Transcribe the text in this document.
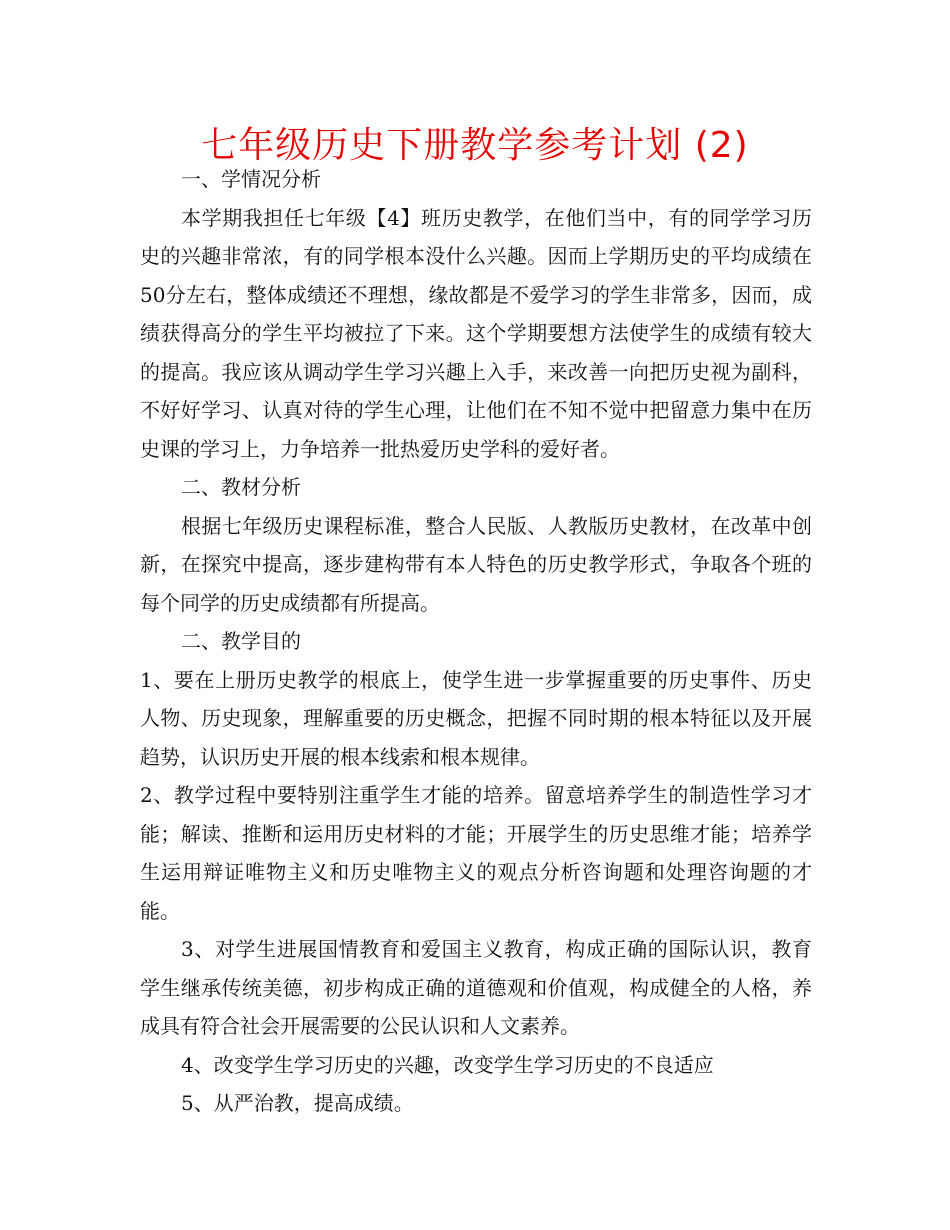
七年级历史下册教学参考计划 (2)

一、学情况分析

本学期我担任七年级【4】班历史教学，在他们当中，有的同学学习历史的兴趣非常浓，有的同学根本没什么兴趣。因而上学期历史的平均成绩在50分左右，整体成绩还不理想，缘故都是不爱学习的学生非常多，因而，成绩获得高分的学生平均被拉了下来。这个学期要想方法使学生的成绩有较大的提高。我应该从调动学生学习兴趣上入手，来改善一向把历史视为副科，不好好学习、认真对待的学生心理，让他们在不知不觉中把留意力集中在历史课的学习上，力争培养一批热爱历史学科的爱好者。

二、教材分析

根据七年级历史课程标准，整合人民版、人教版历史教材，在改革中创新，在探究中提高，逐步建构带有本人特色的历史教学形式，争取各个班的每个同学的历史成绩都有所提高。

二、教学目的

1、要在上册历史教学的根底上，使学生进一步掌握重要的历史事件、历史人物、历史现象，理解重要的历史概念，把握不同时期的根本特征以及开展趋势，认识历史开展的根本线索和根本规律。

2、教学过程中要特别注重学生才能的培养。留意培养学生的制造性学习才能；解读、推断和运用历史材料的才能；开展学生的历史思维才能；培养学生运用辩证唯物主义和历史唯物主义的观点分析咨询题和处理咨询题的才能。

3、对学生进展国情教育和爱国主义教育，构成正确的国际认识，教育学生继承传统美德，初步构成正确的道德观和价值观，构成健全的人格，养成具有符合社会开展需要的公民认识和人文素养。

4、改变学生学习历史的兴趣，改变学生学习历史的不良适应

5、从严治教，提高成绩。
